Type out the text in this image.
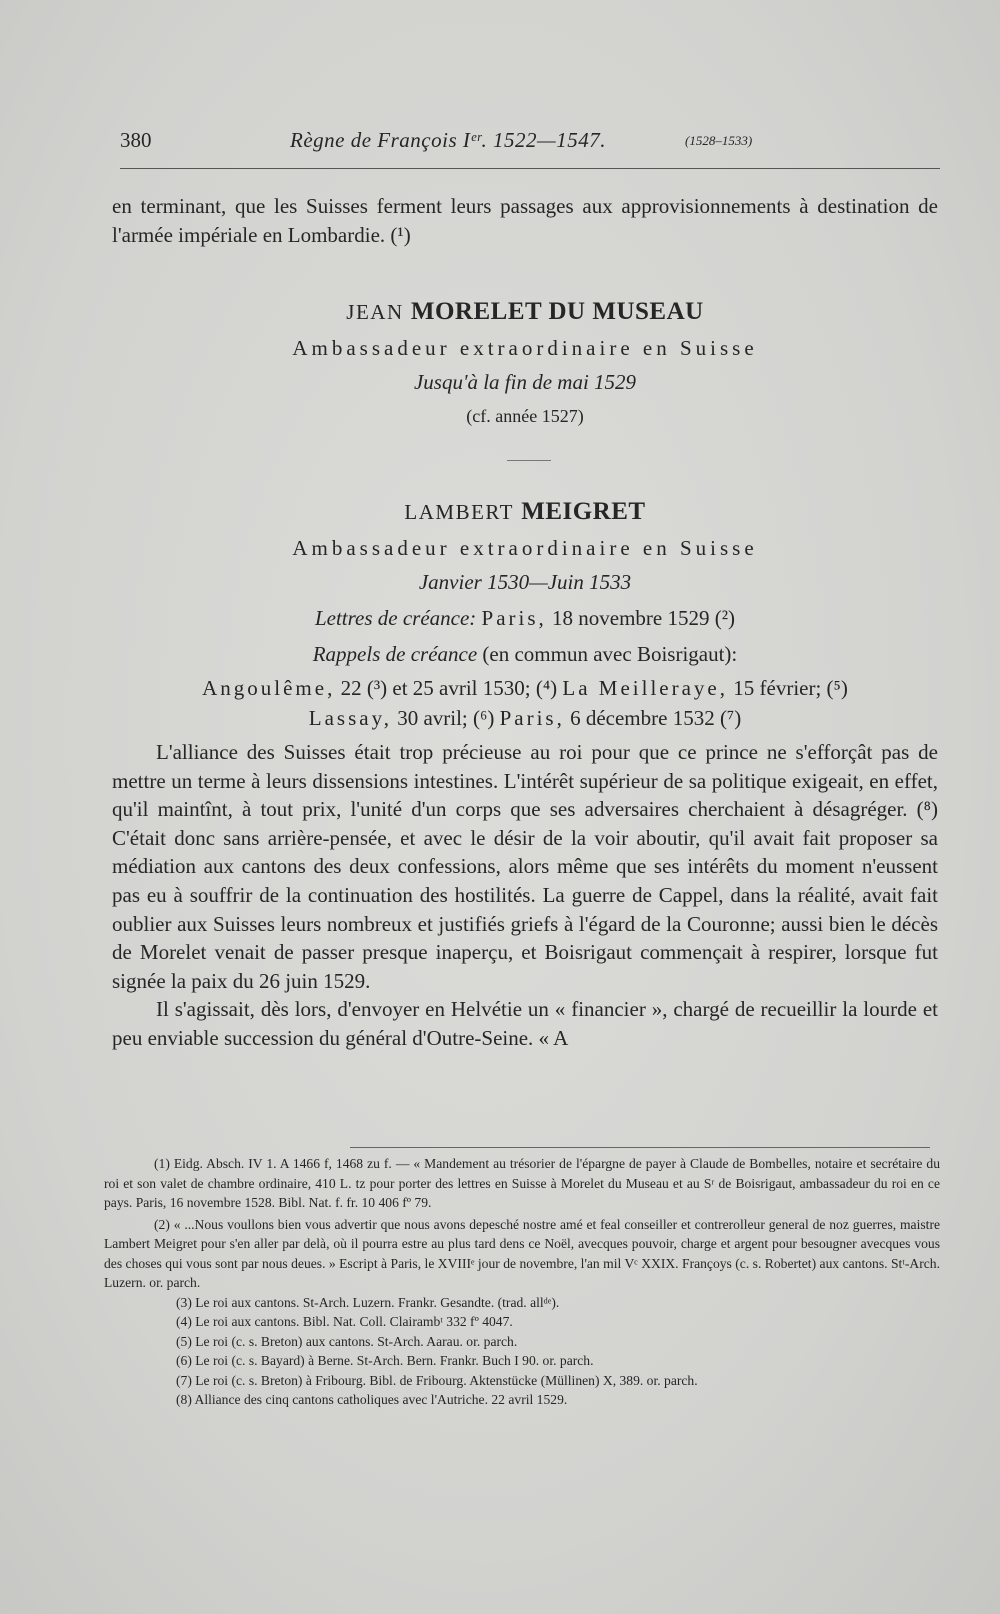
380	Règne de François Iᵉʳ. 1522—1547.	(1528–1533)
en terminant, que les Suisses ferment leurs passages aux approvisionnements à destination de l'armée impériale en Lombardie. (¹)
JEAN MORELET DU MUSEAU
Ambassadeur extraordinaire en Suisse
Jusqu'à la fin de mai 1529
(cf. année 1527)
LAMBERT MEIGRET
Ambassadeur extraordinaire en Suisse
Janvier 1530—Juin 1533
Lettres de créance: Paris, 18 novembre 1529 (²)
Rappels de créance (en commun avec Boisrigaut):
Angoulême, 22 (³) et 25 avril 1530; (⁴) La Meilleraye, 15 février; (⁵)
Lassay, 30 avril; (⁶) Paris, 6 décembre 1532 (⁷)

L'alliance des Suisses était trop précieuse au roi pour que ce prince ne s'efforçât pas de mettre un terme à leurs dissensions intestines. L'intérêt supérieur de sa politique exigeait, en effet, qu'il maintînt, à tout prix, l'unité d'un corps que ses adversaires cherchaient à désagréger. (⁸) C'était donc sans arrière-pensée, et avec le désir de la voir aboutir, qu'il avait fait proposer sa médiation aux cantons des deux confessions, alors même que ses intérêts du moment n'eussent pas eu à souffrir de la continuation des hostilités. La guerre de Cappel, dans la réalité, avait fait oublier aux Suisses leurs nombreux et justifiés griefs à l'égard de la Couronne; aussi bien le décès de Morelet venait de passer presque inaperçu, et Boisrigaut commençait à respirer, lorsque fut signée la paix du 26 juin 1529.

Il s'agissait, dès lors, d'envoyer en Helvétie un « financier », chargé de recueillir la lourde et peu enviable succession du général d'Outre-Seine. « A

(1) Eidg. Absch. IV 1. A 1466 f, 1468 zu f. — « Mandement au trésorier de l'épargne de payer à Claude de Bombelles, notaire et secrétaire du roi et son valet de chambre ordinaire, 410 L. tz pour porter des lettres en Suisse à Morelet du Museau et au Sʳ de Boisrigaut, ambassadeur du roi en ce pays. Paris, 16 novembre 1528. Bibl. Nat. f. fr. 10 406 fº 79.

(2) « ...Nous voullons bien vous advertir que nous avons depesché nostre amé et feal conseiller et contrerolleur general de noz guerres, maistre Lambert Meigret pour s'en aller par delà, où il pourra estre au plus tard dens ce Noël, avecques pouvoir, charge et argent pour besougner avecques vous des choses qui vous sont par nous deues. » Escript à Paris, le XVIIIᵉ jour de novembre, l'an mil Vᶜ XXIX. Françoys (c. s. Robertet) aux cantons. Stᵗ-Arch. Luzern. or. parch.

(3) Le roi aux cantons. St-Arch. Luzern. Frankr. Gesandte. (trad. allᵈᵉ).

(4) Le roi aux cantons. Bibl. Nat. Coll. Clairambᵗ 332 fº 4047.

(5) Le roi (c. s. Breton) aux cantons. St-Arch. Aarau. or. parch.

(6) Le roi (c. s. Bayard) à Berne. St-Arch. Bern. Frankr. Buch I 90. or. parch.

(7) Le roi (c. s. Breton) à Fribourg. Bibl. de Fribourg. Aktenstücke (Müllinen) X, 389. or. parch.

(8) Alliance des cinq cantons catholiques avec l'Autriche. 22 avril 1529.
